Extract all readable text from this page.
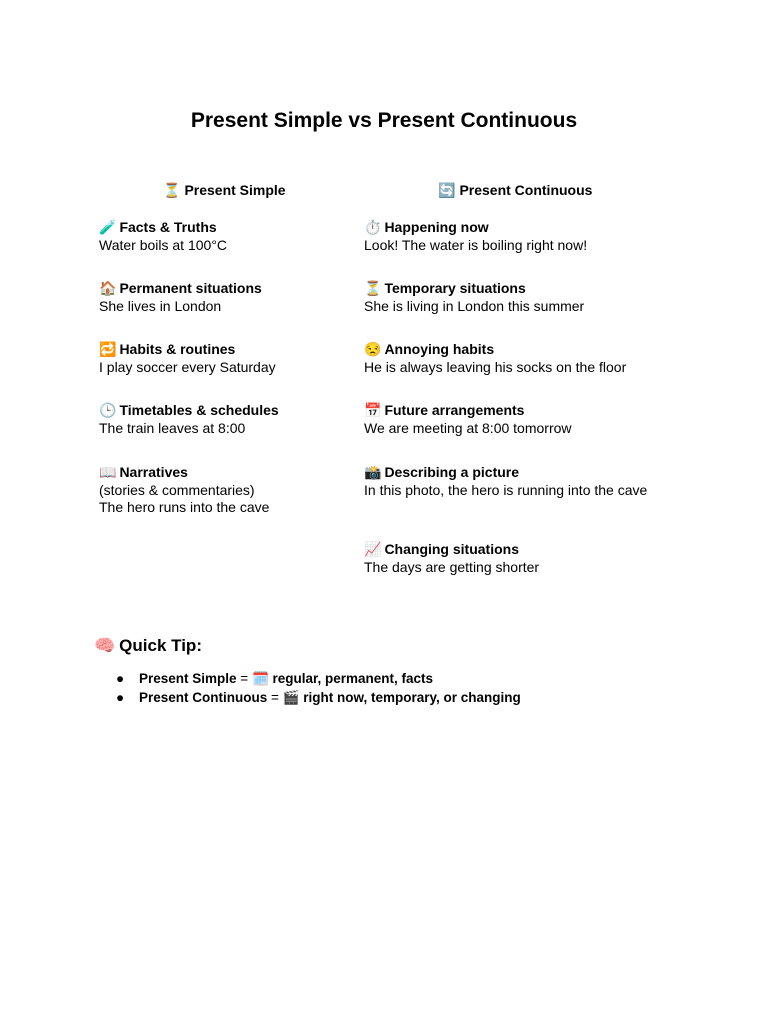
Present Simple vs Present Continuous
⏳ Present Simple	🔄 Present Continuous
🧪 Facts & Truths
Water boils at 100°C
🏠 Permanent situations
She lives in London
🔁 Habits & routines
I play soccer every Saturday
🕒 Timetables & schedules
The train leaves at 8:00
📖 Narratives
(stories & commentaries)
The hero runs into the cave
⏱️ Happening now
Look! The water is boiling right now!
⏳ Temporary situations
She is living in London this summer
😒 Annoying habits
He is always leaving his socks on the floor
📅 Future arrangements
We are meeting at 8:00 tomorrow
📸 Describing a picture
In this photo, the hero is running into the cave
📈 Changing situations
The days are getting shorter
🧠 Quick Tip:
● Present Simple = 🗓️ regular, permanent, facts
● Present Continuous = 🎬 right now, temporary, or changing
